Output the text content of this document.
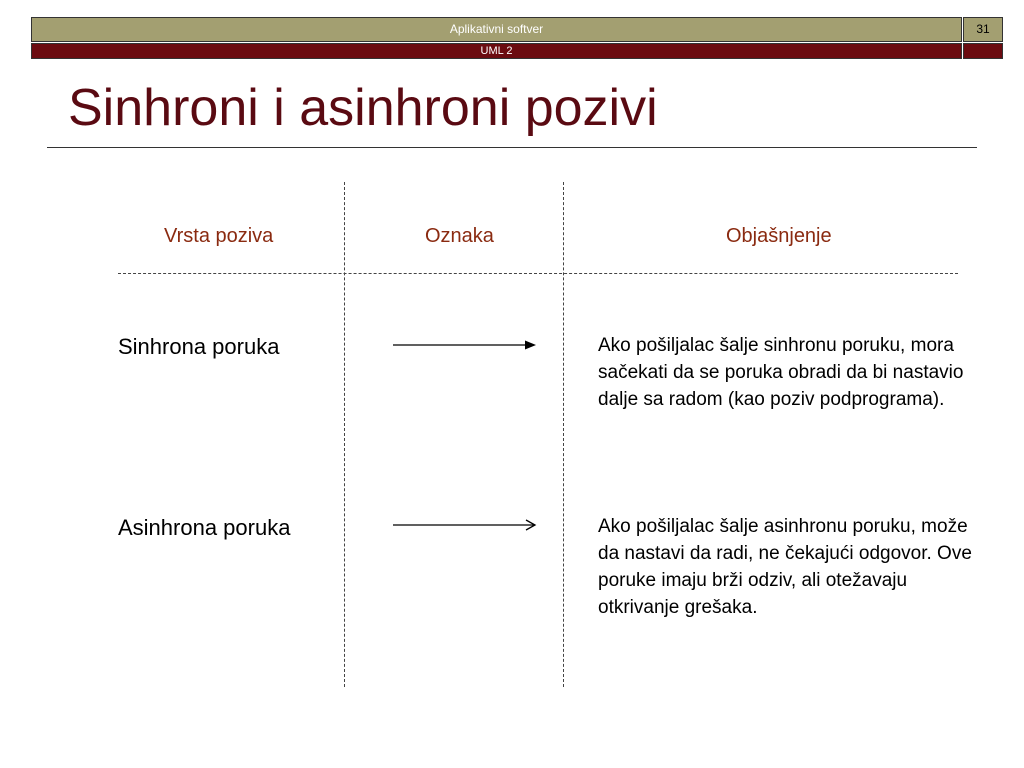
Aplikativni softver	31
UML 2
Sinhroni i asinhroni pozivi
Vrsta poziva	Oznaka	Objašnjenje
Sinhrona poruka	Ako pošiljalac šalje sinhronu poruku, mora sačekati da se poruka obradi da bi nastavio dalje sa radom (kao poziv podprograma).
Asinhrona poruka	Ako pošiljalac šalje asinhronu poruku, može da nastavi da radi, ne čekajući odgovor. Ove poruke imaju brži odziv, ali otežavaju otkrivanje grešaka.
